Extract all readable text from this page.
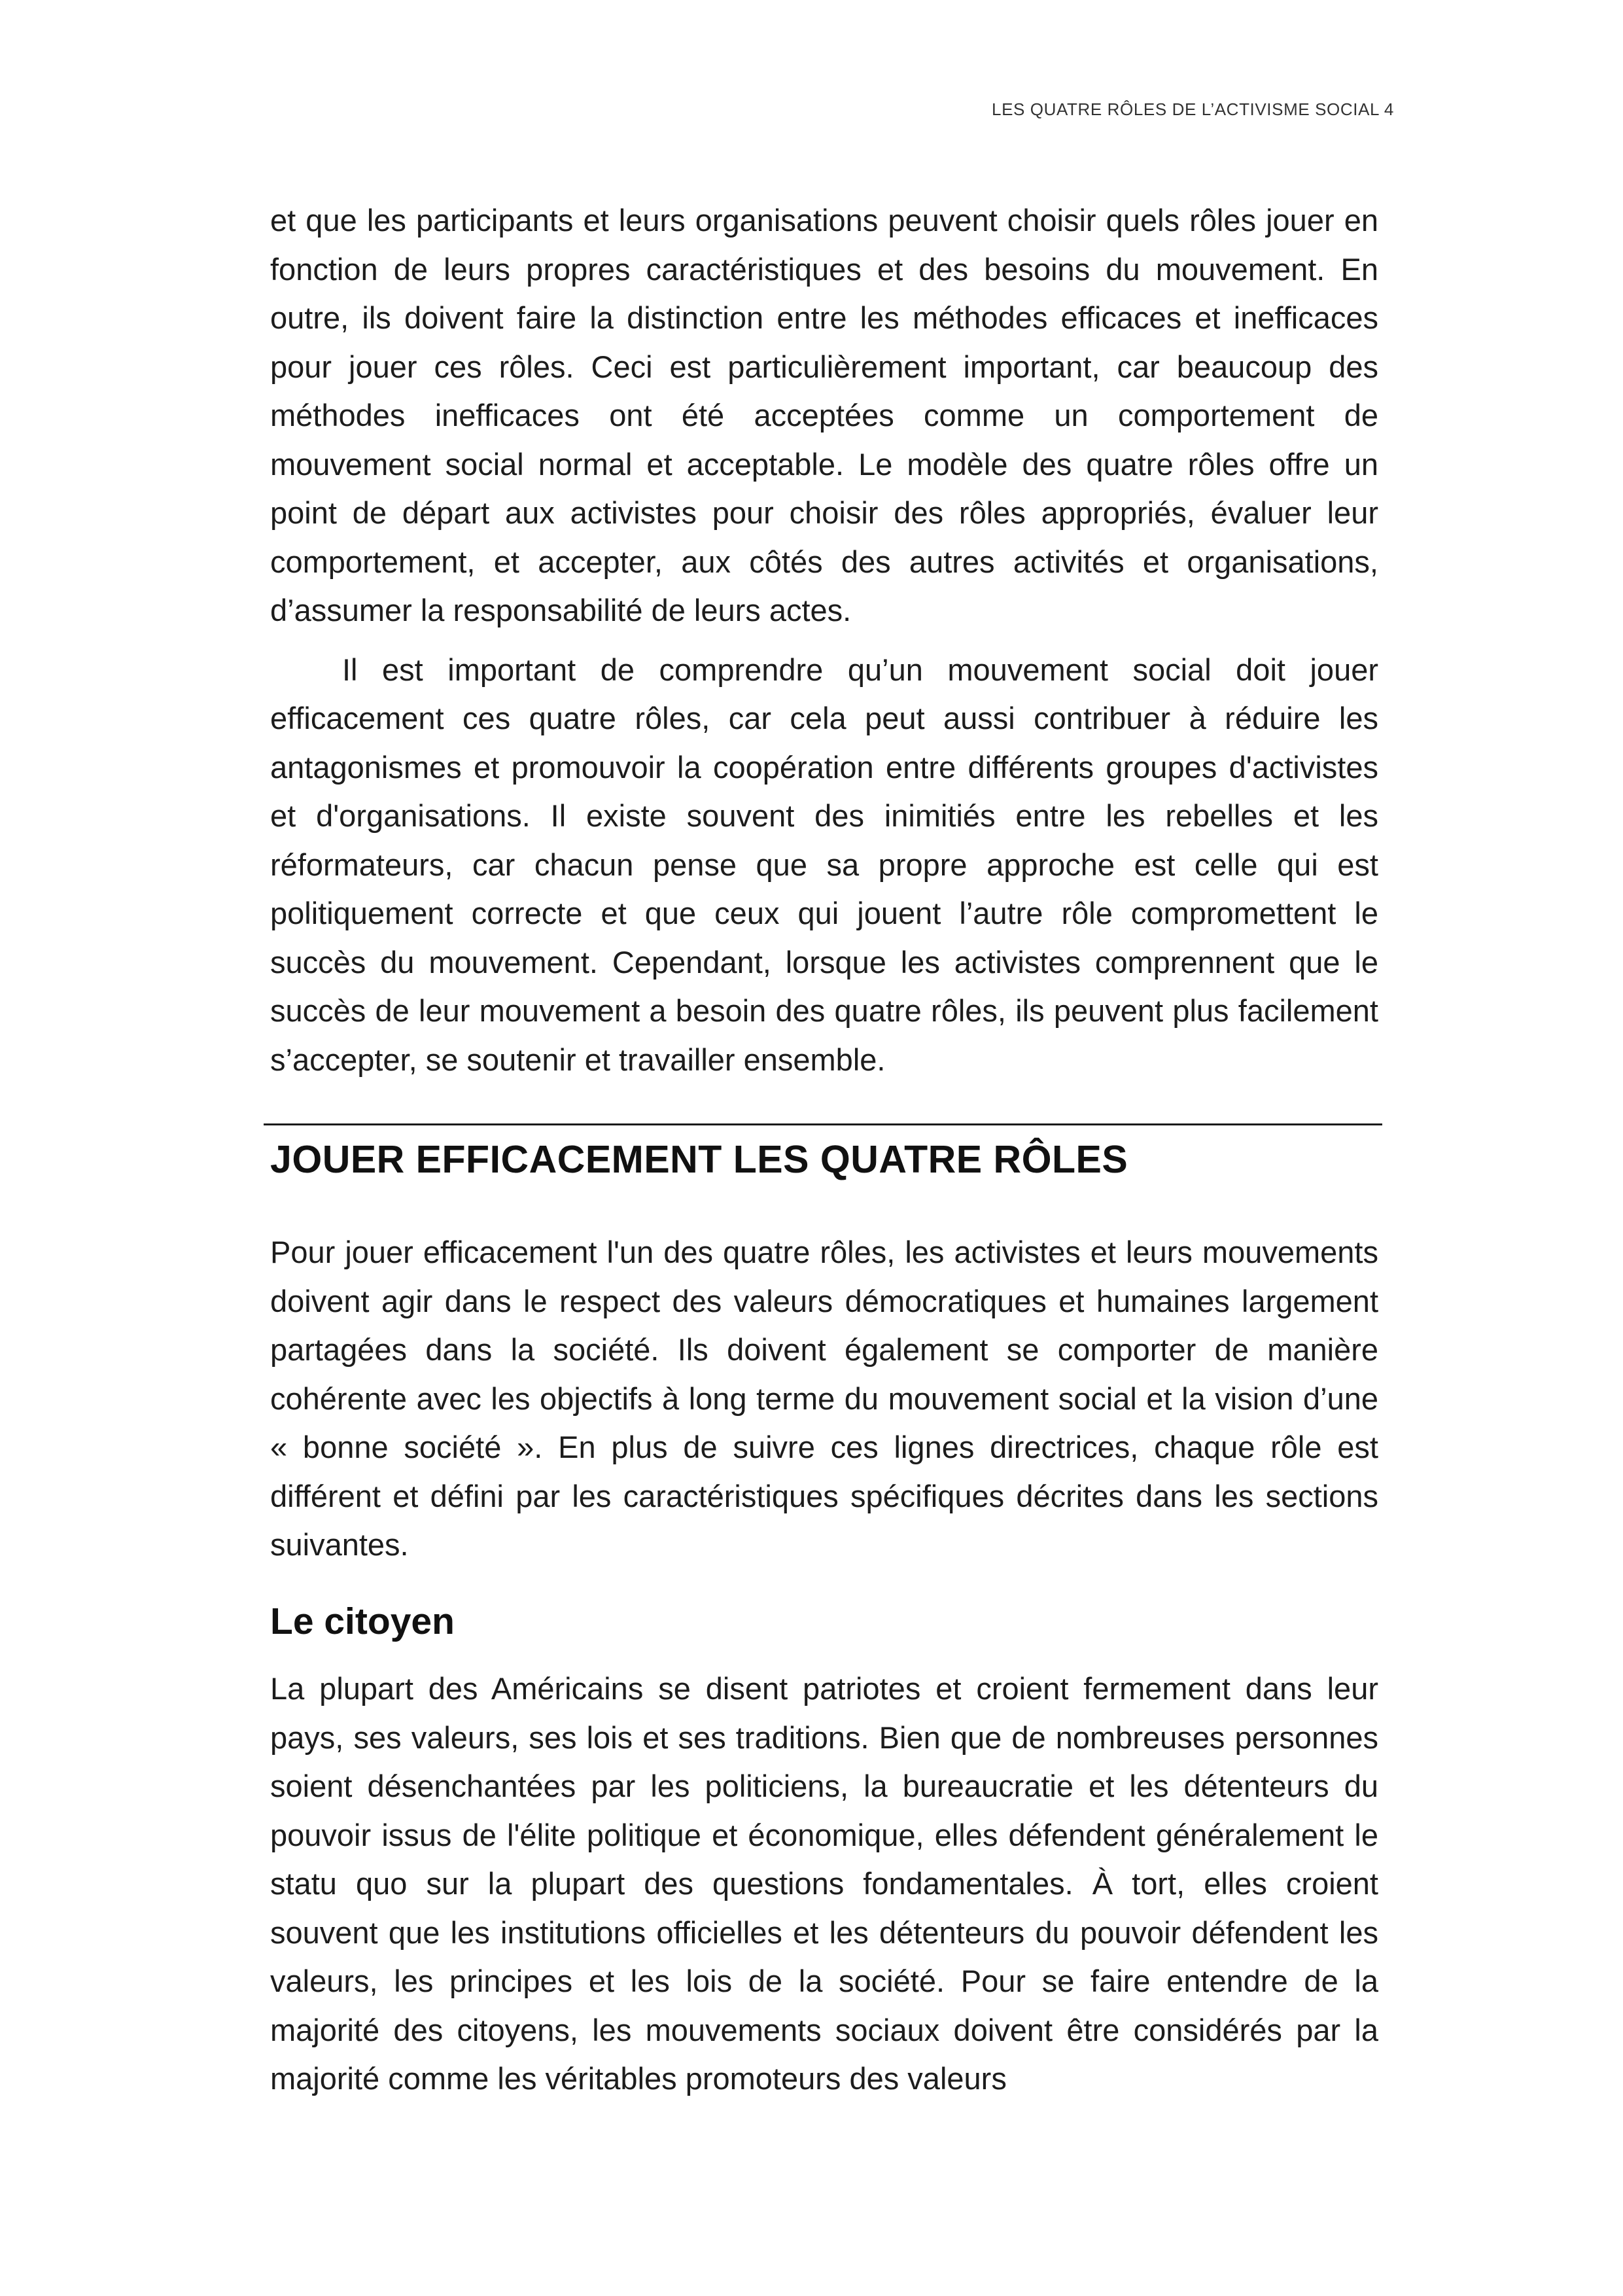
LES QUATRE RÔLES DE L’ACTIVISME SOCIAL 4

et que les participants et leurs organisations peuvent choisir quels rôles jouer en fonction de leurs propres caractéristiques et des besoins du mouvement. En outre, ils doivent faire la distinction entre les méthodes efficaces et inefficaces pour jouer ces rôles. Ceci est particulièrement important, car beaucoup des méthodes inefficaces ont été acceptées comme un comportement de mouvement social normal et acceptable. Le modèle des quatre rôles offre un point de départ aux activistes pour choisir des rôles appropriés, évaluer leur comportement, et accepter, aux côtés des autres activités et organisations, d’assumer la responsabilité de leurs actes.

Il est important de comprendre qu’un mouvement social doit jouer efficacement ces quatre rôles, car cela peut aussi contribuer à réduire les antagonismes et promouvoir la coopération entre différents groupes d'activistes et d'organisations. Il existe souvent des inimitiés entre les rebelles et les réformateurs, car chacun pense que sa propre approche est celle qui est politiquement correcte et que ceux qui jouent l’autre rôle compromettent le succès du mouvement. Cependant, lorsque les activistes comprennent que le succès de leur mouvement a besoin des quatre rôles, ils peuvent plus facilement s’accepter, se soutenir et travailler ensemble.

JOUER EFFICACEMENT LES QUATRE RÔLES

Pour jouer efficacement l'un des quatre rôles, les activistes et leurs mouvements doivent agir dans le respect des valeurs démocratiques et humaines largement partagées dans la société. Ils doivent également se comporter de manière cohérente avec les objectifs à long terme du mouvement social et la vision d’une « bonne société ». En plus de suivre ces lignes directrices, chaque rôle est différent et défini par les caractéristiques spécifiques décrites dans les sections suivantes.

Le citoyen

La plupart des Américains se disent patriotes et croient fermement dans leur pays, ses valeurs, ses lois et ses traditions. Bien que de nombreuses personnes soient désenchantées par les politiciens, la bureaucratie et les détenteurs du pouvoir issus de l'élite politique et économique, elles défendent généralement le statu quo sur la plupart des questions fondamentales. À tort, elles croient souvent que les institutions officielles et les détenteurs du pouvoir défendent les valeurs, les principes et les lois de la société. Pour se faire entendre de la majorité des citoyens, les mouvements sociaux doivent être considérés par la majorité comme les véritables promoteurs des valeurs
